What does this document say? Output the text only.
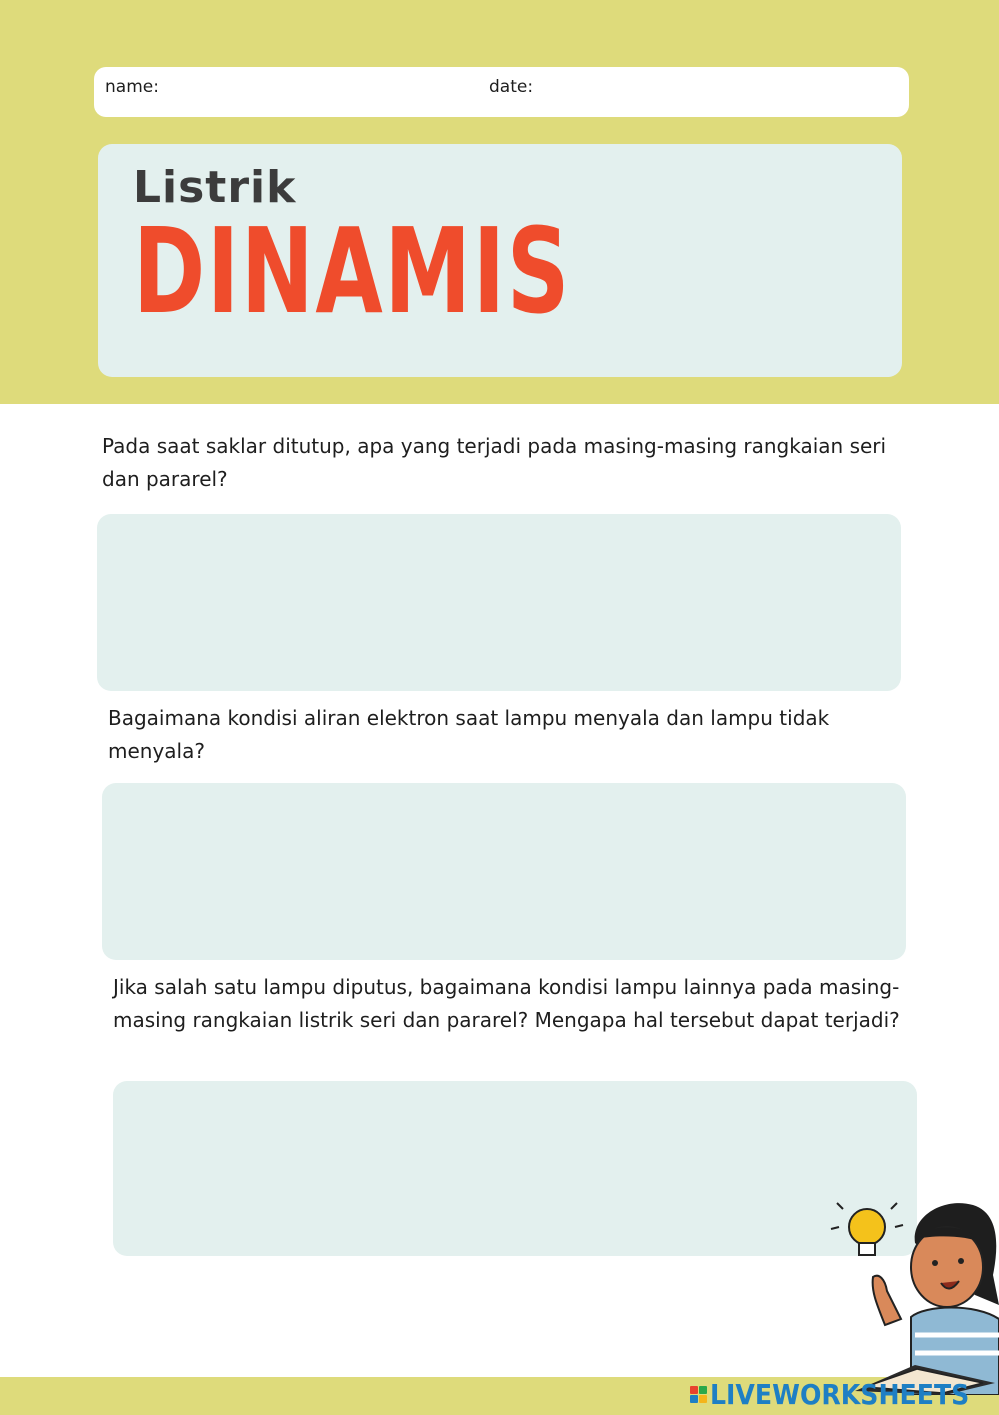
name:	date:
Listrik
DINAMIS
Pada saat saklar ditutup, apa yang terjadi pada masing-masing rangkaian seri dan pararel?
Bagaimana kondisi aliran elektron saat lampu menyala dan lampu tidak menyala?
Jika salah satu lampu diputus, bagaimana kondisi lampu lainnya pada masing-masing rangkaian listrik seri dan pararel? Mengapa hal tersebut dapat terjadi?
LIVEWORKSHEETS
